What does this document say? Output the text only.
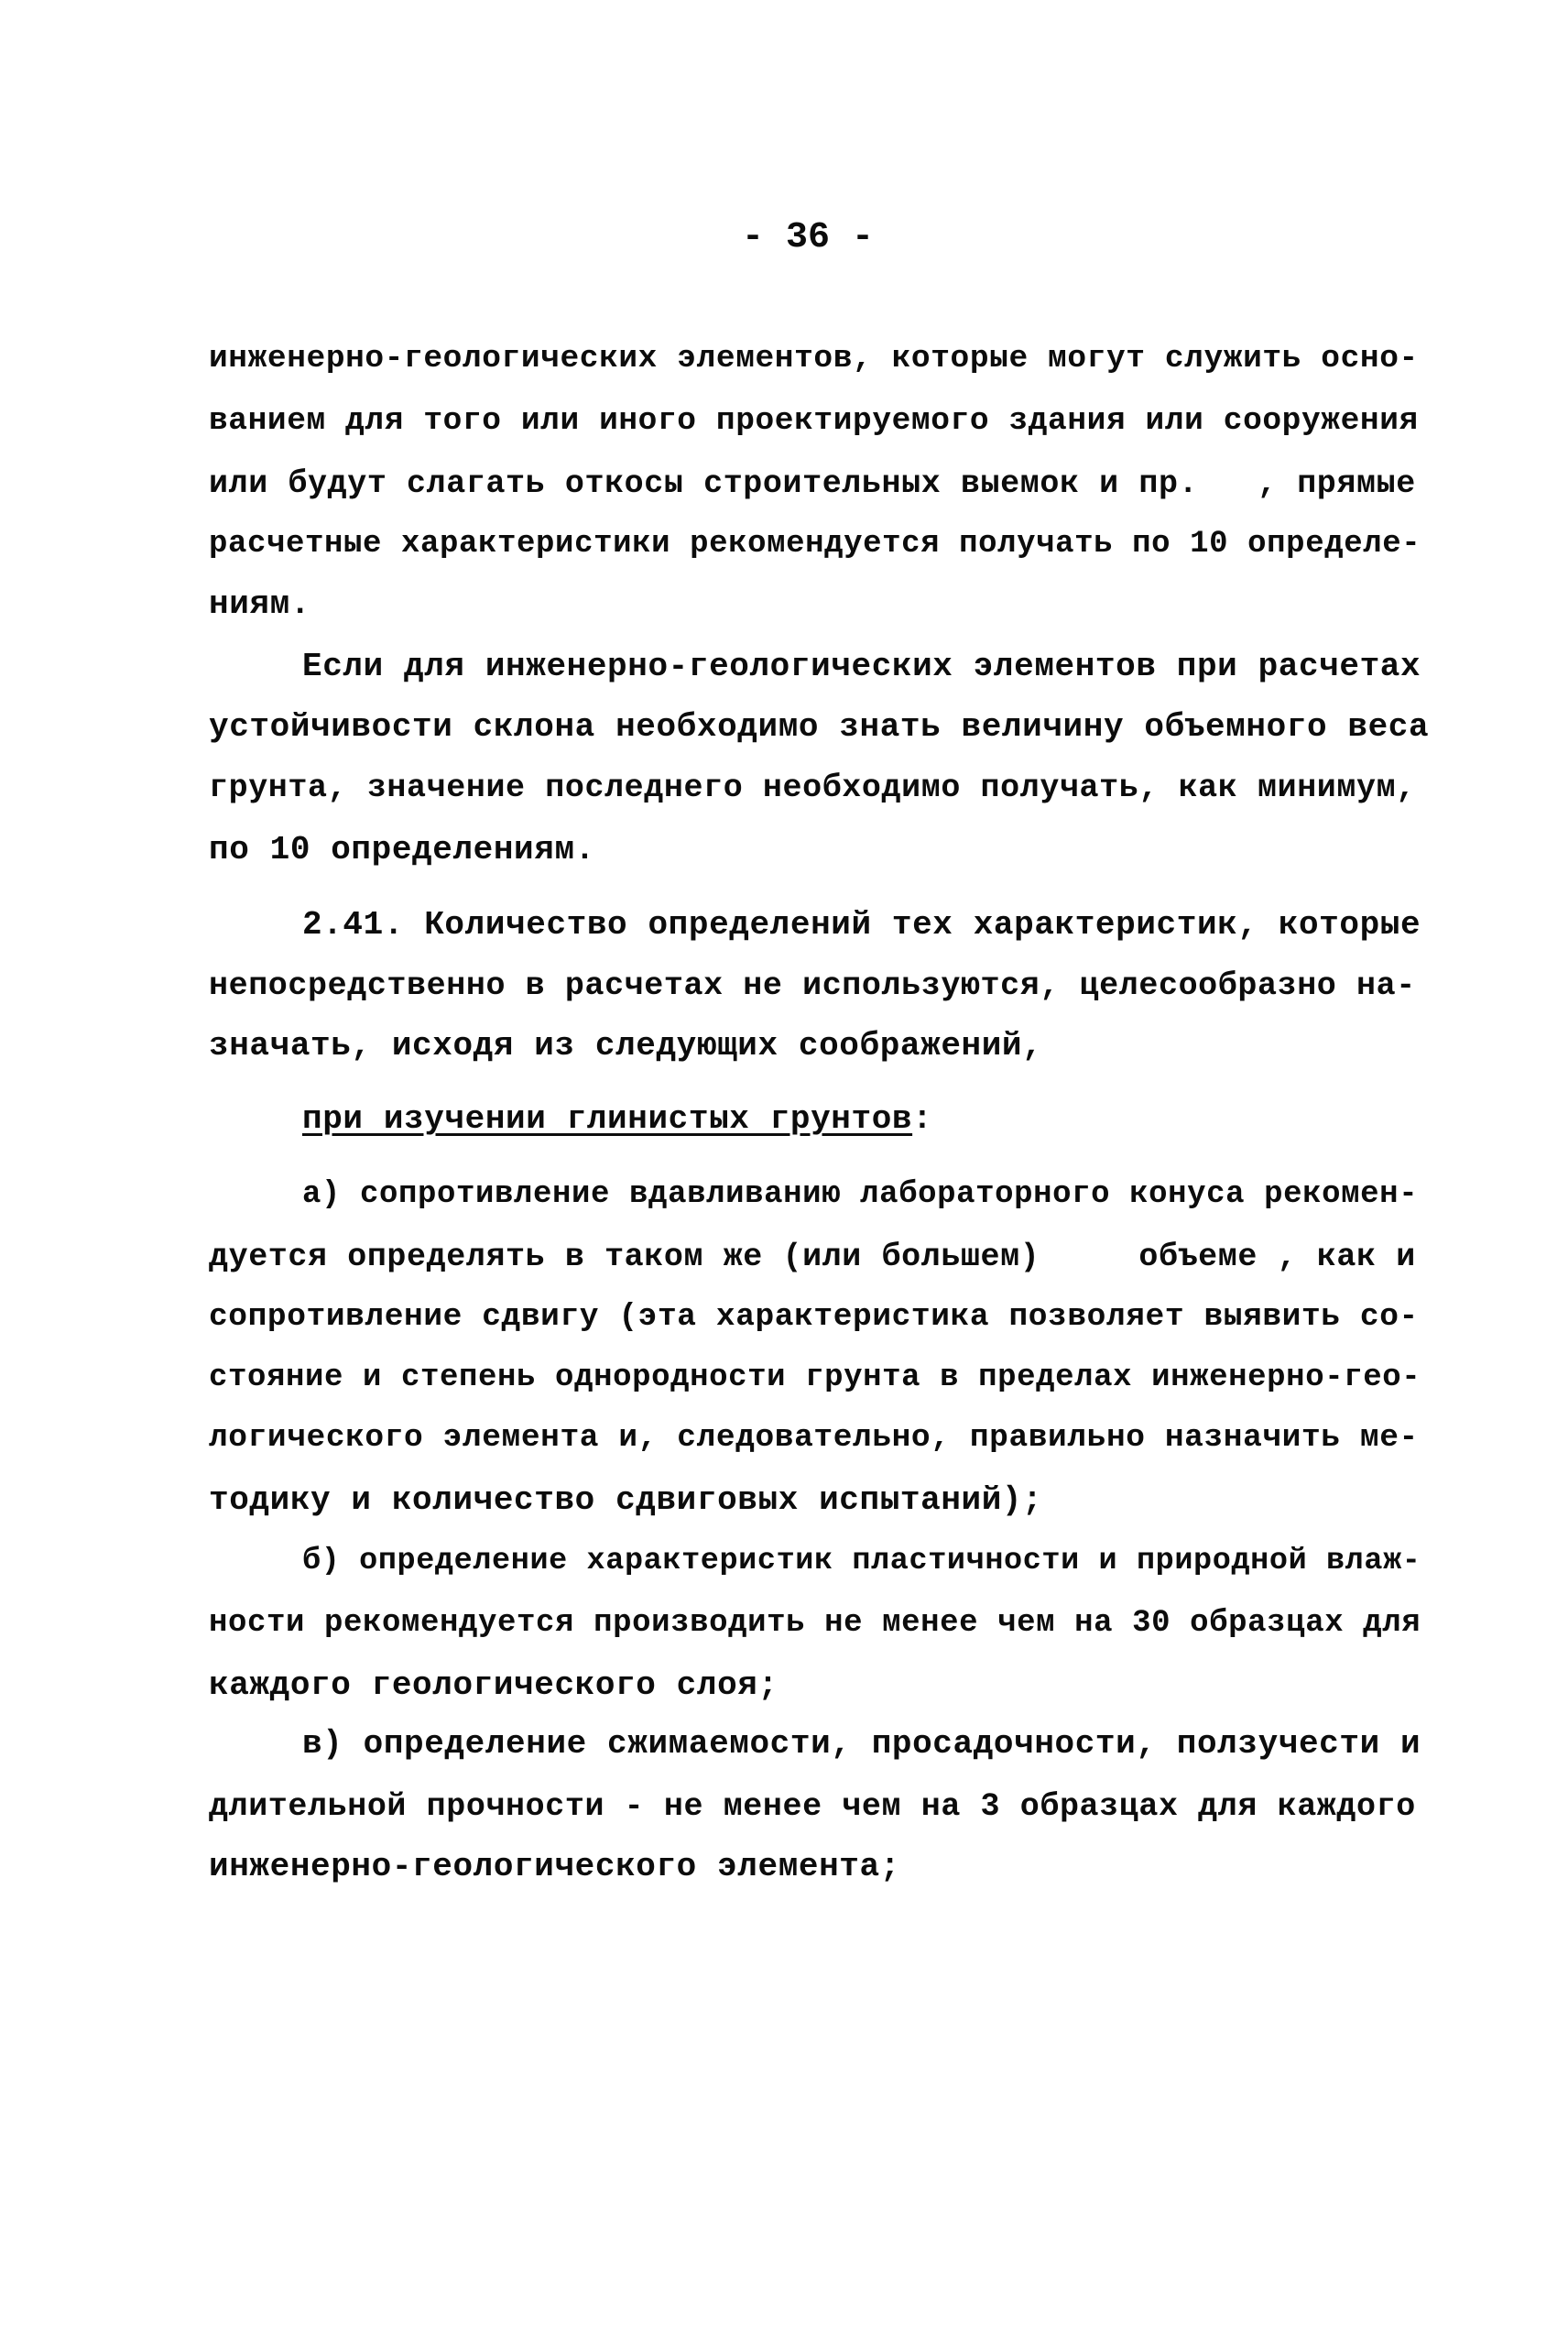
- 36 -
инженерно-геологических элементов, которые могут служить осно-
ванием для того или иного проектируемого здания или сооружения
или будут слагать откосы строительных выемок и пр.   , прямые
расчетные характеристики рекомендуется получать по 10 определе-
ниям.
Если для инженерно-геологических элементов при расчетах
устойчивости склона необходимо знать величину объемного веса
грунта, значение последнего необходимо получать, как минимум,
по 10 определениям.
2.41. Количество определений тех характеристик, которые
непосредственно в расчетах не используются, целесообразно на-
значать, исходя из следующих соображений,
при изучении глинистых грунтов:
а) сопротивление вдавливанию лабораторного конуса рекомен-
дуется определять в таком же (или большем)     объеме , как и
сопротивление сдвигу (эта характеристика позволяет выявить со-
стояние и степень однородности грунта в пределах инженерно-гео-
логического элемента и, следовательно, правильно назначить ме-
тодику и количество сдвиговых испытаний);
б) определение характеристик пластичности и природной влаж-
ности рекомендуется производить не менее чем на 30 образцах для
каждого геологического слоя;
в) определение сжимаемости, просадочности, ползучести и
длительной прочности - не менее чем на 3 образцах для каждого
инженерно-геологического элемента;
